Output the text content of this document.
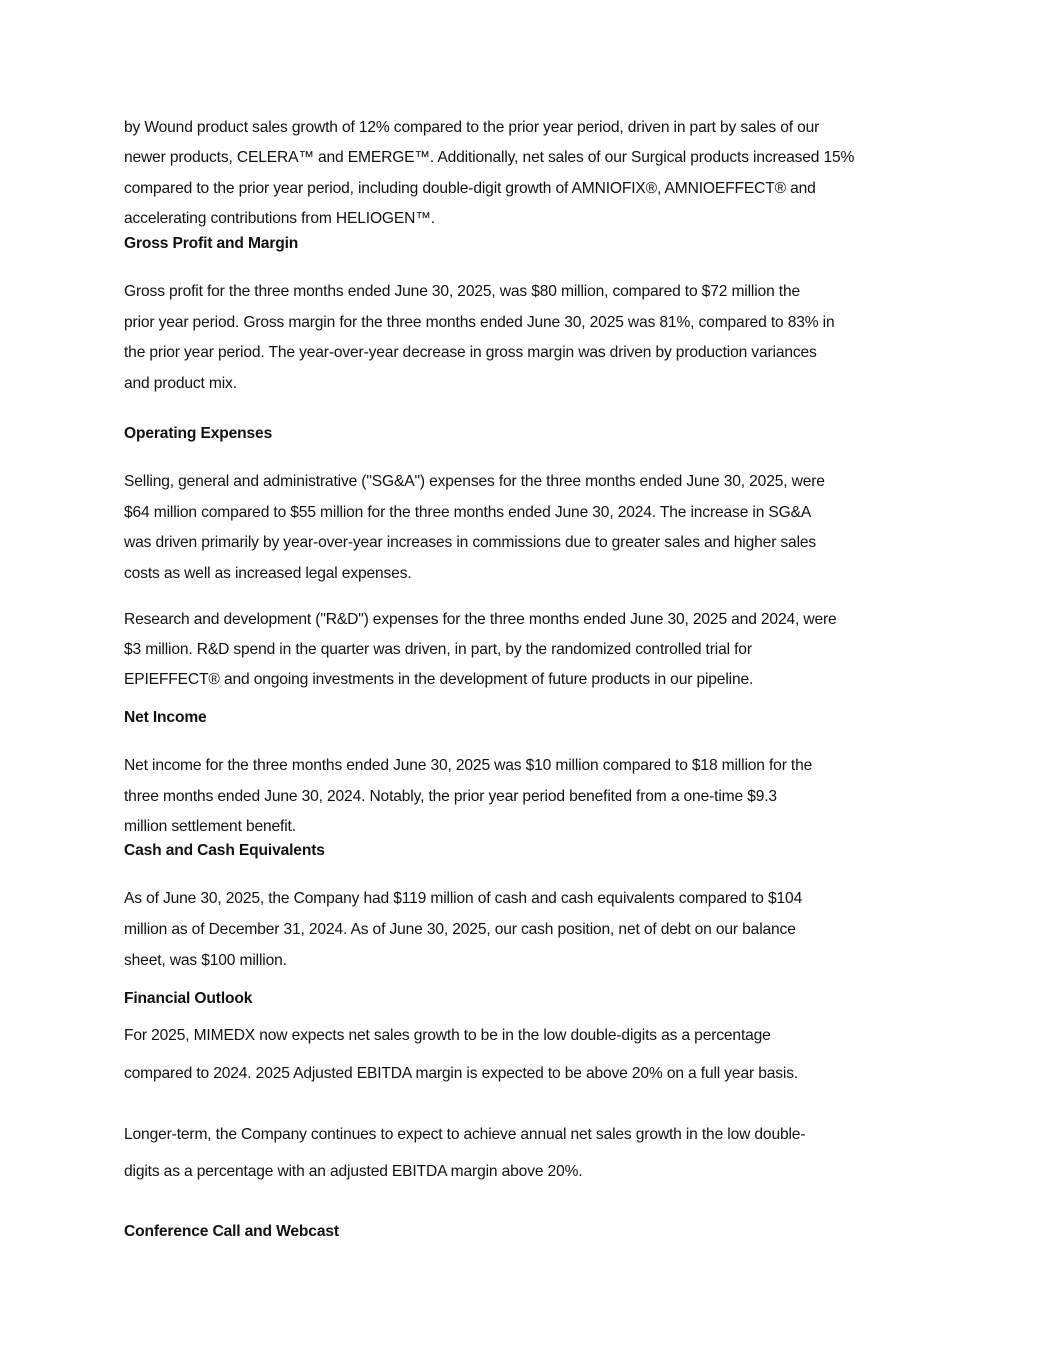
by Wound product sales growth of 12% compared to the prior year period, driven in part by sales of our
newer products, CELERA™ and EMERGE™. Additionally, net sales of our Surgical products increased 15%
compared to the prior year period, including double-digit growth of AMNIOFIX®, AMNIOEFFECT® and
accelerating contributions from HELIOGEN™.
Gross Profit and Margin
Gross profit for the three months ended June 30, 2025, was $80 million, compared to $72 million the
prior year period. Gross margin for the three months ended June 30, 2025 was 81%, compared to 83% in
the prior year period. The year-over-year decrease in gross margin was driven by production variances
and product mix.
Operating Expenses
Selling, general and administrative ("SG&A") expenses for the three months ended June 30, 2025, were
$64 million compared to $55 million for the three months ended June 30, 2024. The increase in SG&A
was driven primarily by year-over-year increases in commissions due to greater sales and higher sales
costs as well as increased legal expenses.
Research and development ("R&D") expenses for the three months ended June 30, 2025 and 2024, were
$3 million. R&D spend in the quarter was driven, in part, by the randomized controlled trial for
EPIEFFECT® and ongoing investments in the development of future products in our pipeline.
Net Income
Net income for the three months ended June 30, 2025 was $10 million compared to $18 million for the
three months ended June 30, 2024. Notably, the prior year period benefited from a one-time $9.3
million settlement benefit.
Cash and Cash Equivalents
As of June 30, 2025, the Company had $119 million of cash and cash equivalents compared to $104
million as of December 31, 2024. As of June 30, 2025, our cash position, net of debt on our balance
sheet, was $100 million.
Financial Outlook
For 2025, MIMEDX now expects net sales growth to be in the low double-digits as a percentage
compared to 2024. 2025 Adjusted EBITDA margin is expected to be above 20% on a full year basis.
Longer-term, the Company continues to expect to achieve annual net sales growth in the low double-
digits as a percentage with an adjusted EBITDA margin above 20%.
Conference Call and Webcast
